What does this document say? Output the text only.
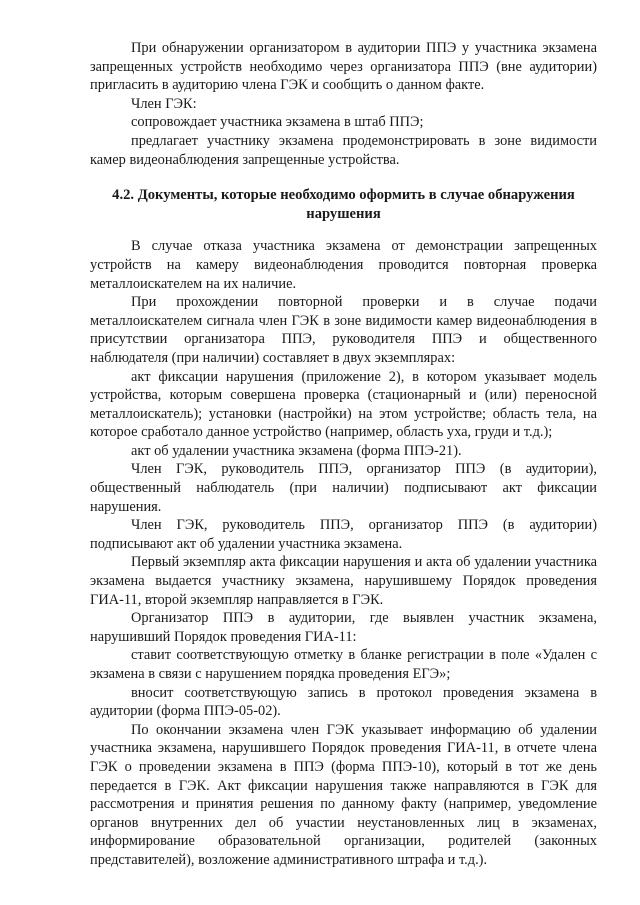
При обнаружении организатором в аудитории ППЭ у участника экзамена запрещенных устройств необходимо через организатора ППЭ (вне аудитории) пригласить в аудиторию члена ГЭК и сообщить о данном факте.

Член ГЭК:

сопровождает участника экзамена в штаб ППЭ;

предлагает участнику экзамена продемонстрировать в зоне видимости камер видеонаблюдения запрещенные устройства.

4.2. Документы, которые необходимо оформить в случае обнаружения нарушения

В случае отказа участника экзамена от демонстрации запрещенных устройств на камеру видеонаблюдения проводится повторная проверка металлоискателем на их наличие.

При прохождении повторной проверки и в случае подачи металлоискателем сигнала член ГЭК в зоне видимости камер видеонаблюдения в присутствии организатора ППЭ, руководителя ППЭ и общественного наблюдателя (при наличии) составляет в двух экземплярах:

акт фиксации нарушения (приложение 2), в котором указывает модель устройства, которым совершена проверка (стационарный и (или) переносной металлоискатель); установки (настройки) на этом устройстве; область тела, на которое сработало данное устройство (например, область уха, груди и т.д.);

акт об удалении участника экзамена (форма ППЭ-21).

Член ГЭК, руководитель ППЭ, организатор ППЭ (в аудитории), общественный наблюдатель (при наличии) подписывают акт фиксации нарушения.

Член ГЭК, руководитель ППЭ, организатор ППЭ (в аудитории) подписывают акт об удалении участника экзамена.

Первый экземпляр акта фиксации нарушения и акта об удалении участника экзамена выдается участнику экзамена, нарушившему Порядок проведения ГИА-11, второй экземпляр направляется в ГЭК.

Организатор ППЭ в аудитории, где выявлен участник экзамена, нарушивший Порядок проведения ГИА-11:

ставит соответствующую отметку в бланке регистрации в поле «Удален с экзамена в связи с нарушением порядка проведения ЕГЭ»;

вносит соответствующую запись в протокол проведения экзамена в аудитории (форма ППЭ-05-02).

По окончании экзамена член ГЭК указывает информацию об удалении участника экзамена, нарушившего Порядок проведения ГИА-11, в отчете члена ГЭК о проведении экзамена в ППЭ (форма ППЭ-10), который в тот же день передается в ГЭК. Акт фиксации нарушения также направляются в ГЭК для рассмотрения и принятия решения по данному факту (например, уведомление органов внутренних дел об участии неустановленных лиц в экзаменах, информирование образовательной организации, родителей (законных представителей), возложение административного штрафа и т.д.).
